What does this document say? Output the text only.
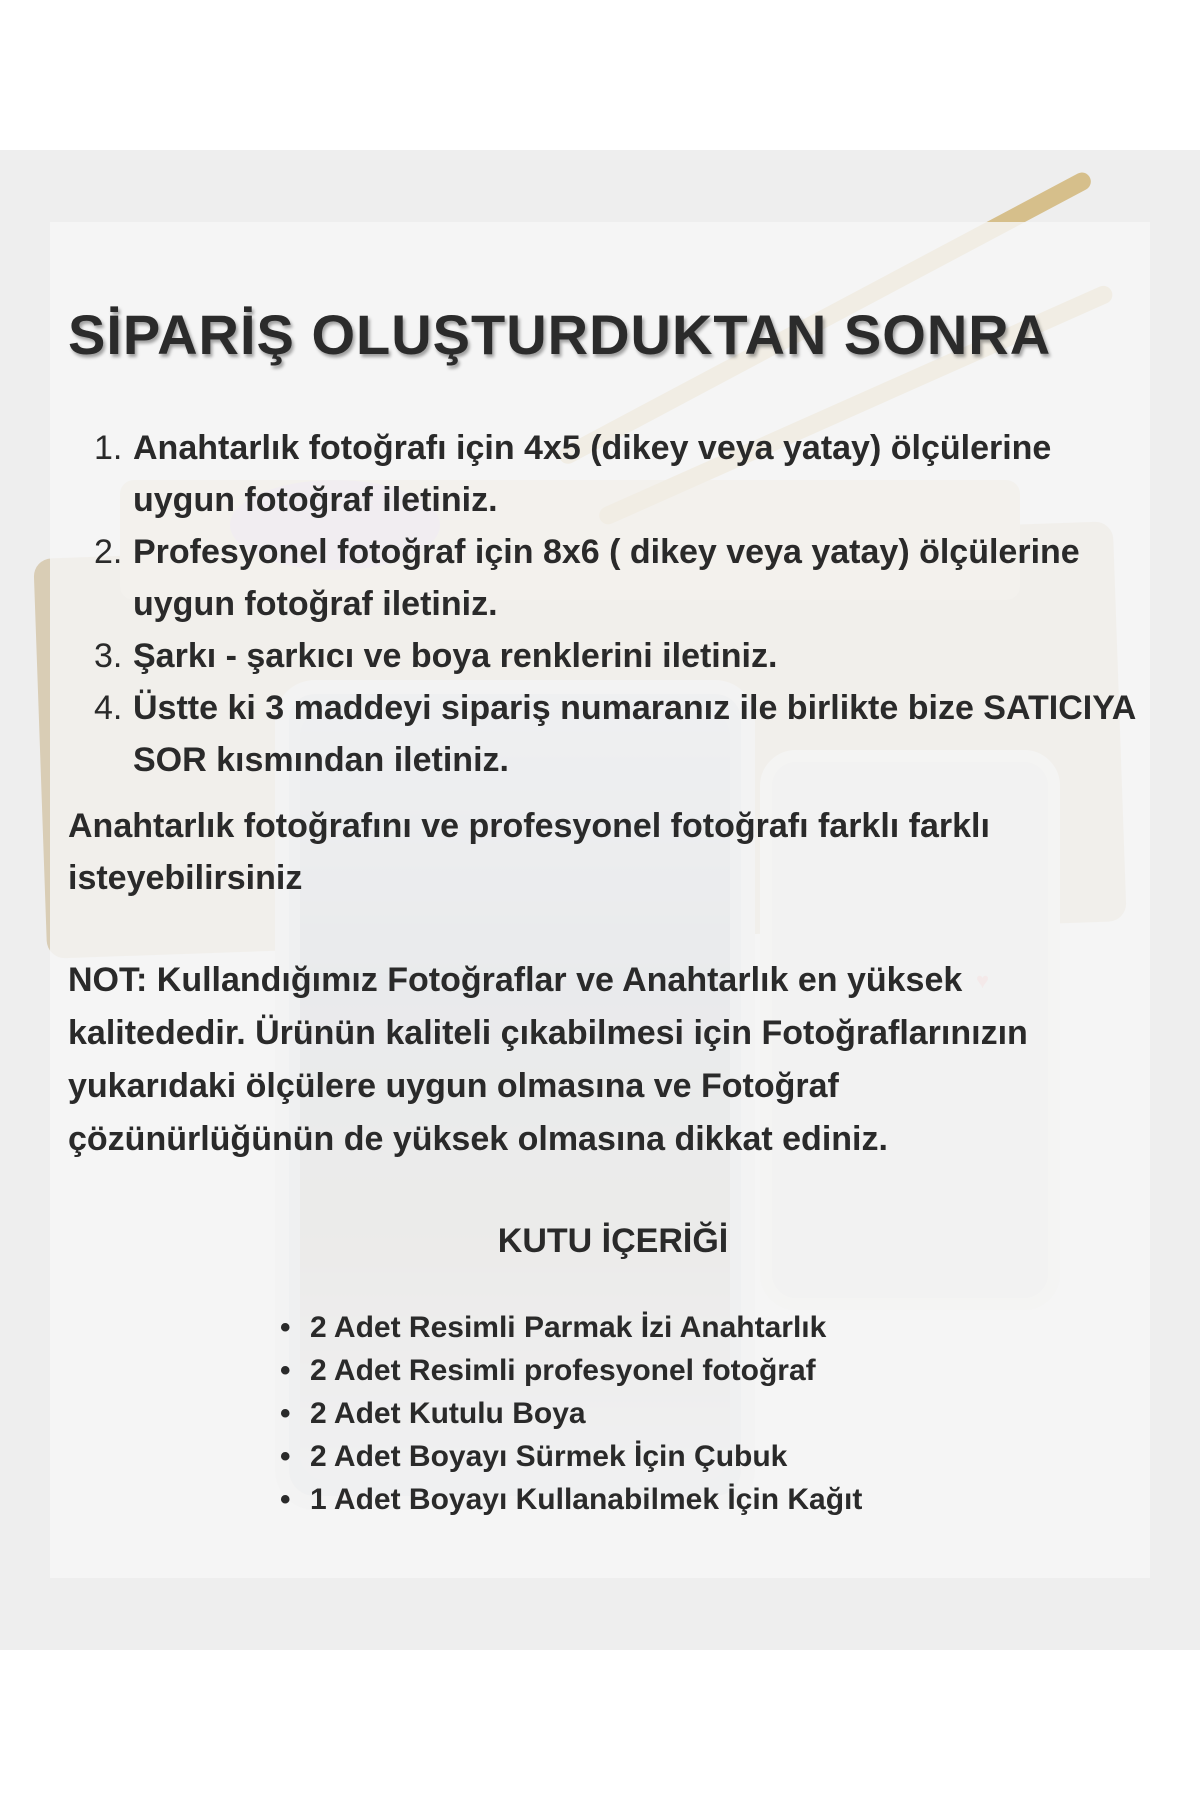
SİPARİŞ OLUŞTURDUKTAN SONRA
1. Anahtarlık fotoğrafı için 4x5 (dikey veya yatay) ölçülerine uygun fotoğraf iletiniz.
2. Profesyonel fotoğraf için 8x6 ( dikey veya yatay) ölçülerine uygun fotoğraf iletiniz.
3. Şarkı - şarkıcı ve boya renklerini iletiniz.
4. Üstte ki 3 maddeyi sipariş numaranız ile birlikte bize SATICIYA SOR kısmından iletiniz.

Anahtarlık fotoğrafını ve profesyonel fotoğrafı farklı farklı isteyebilirsiniz

NOT: Kullandığımız Fotoğraflar ve Anahtarlık en yüksek kalitededir. Ürünün kaliteli çıkabilmesi için Fotoğraflarınızın yukarıdaki ölçülere uygun olmasına ve Fotoğraf çözünürlüğünün de yüksek olmasına dikkat ediniz.

KUTU İÇERİĞİ
• 2 Adet Resimli Parmak İzi Anahtarlık
• 2 Adet Resimli profesyonel fotoğraf
• 2 Adet Kutulu Boya
• 2 Adet Boyayı Sürmek İçin Çubuk
• 1 Adet Boyayı Kullanabilmek İçin Kağıt
